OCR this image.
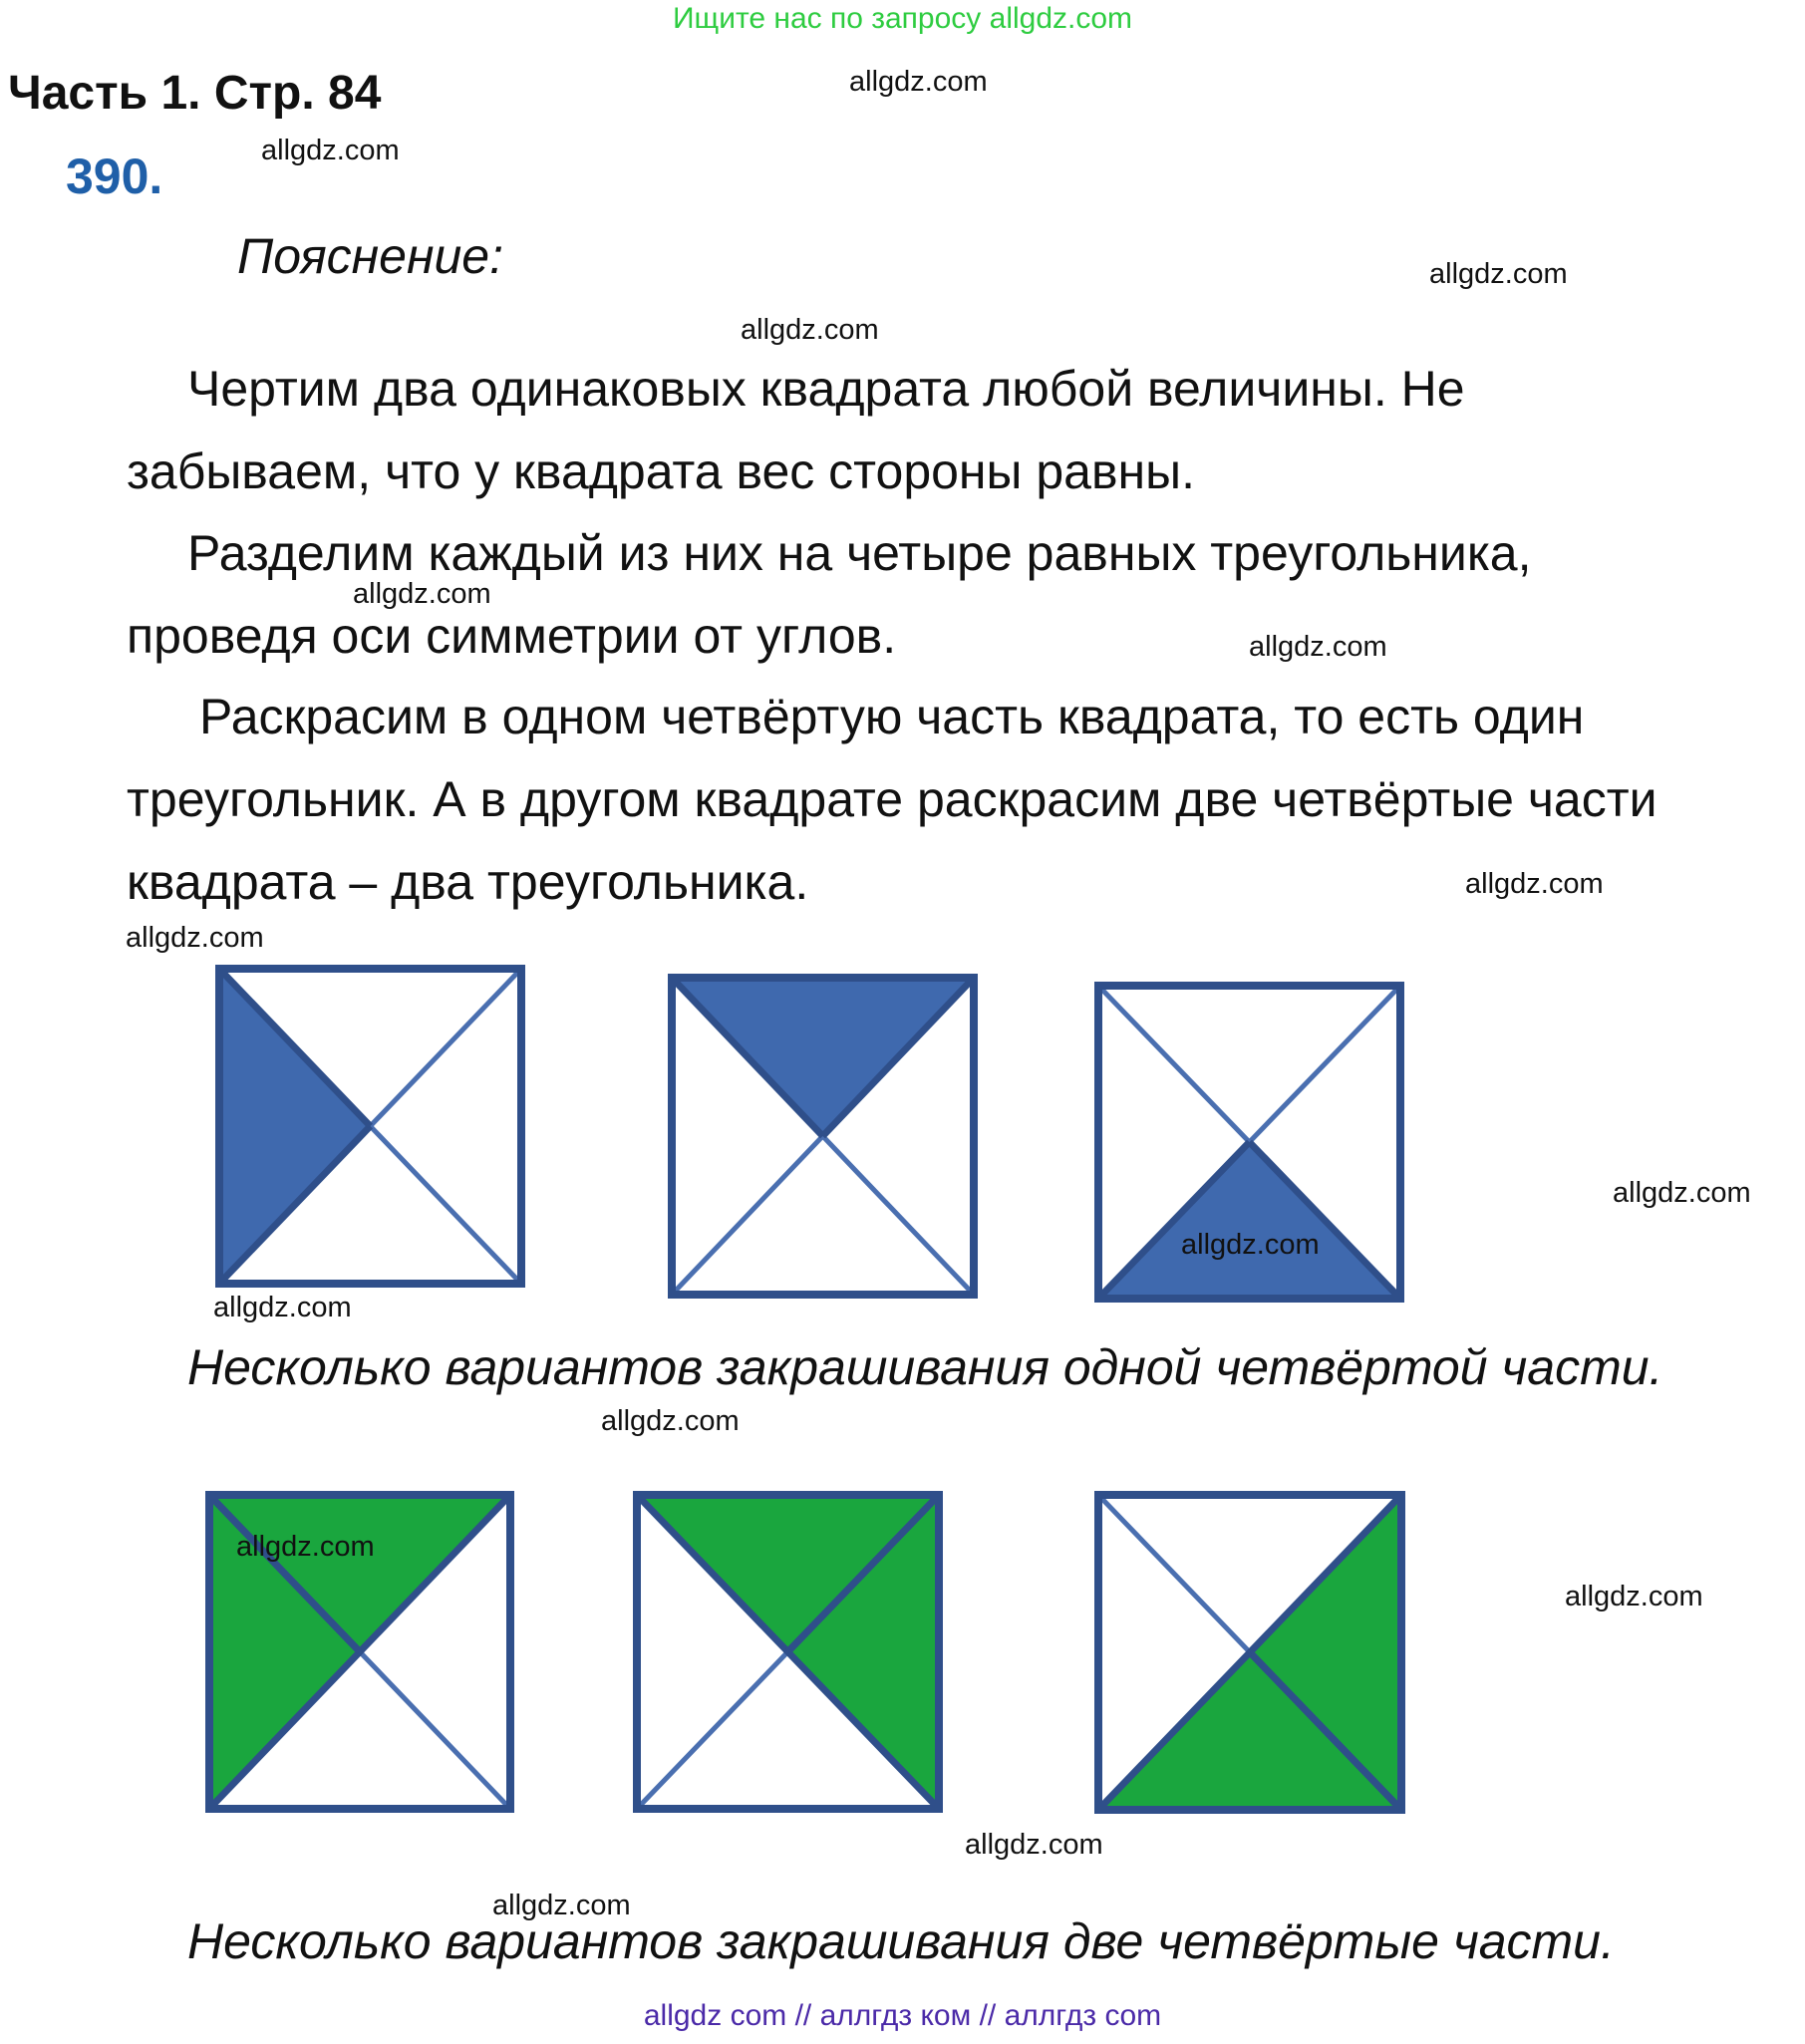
Ищите нас по запросу allgdz.com
Часть 1. Стр. 84
390.
Пояснение:
Чертим два одинаковых квадрата любой величины. Не
забываем, что у квадрата вес стороны равны.
Разделим каждый из них на четыре равных треугольника,
проведя оси симметрии от углов.
Раскрасим в одном четвёртую часть квадрата, то есть один
треугольник. А в другом квадрате раскрасим две четвёртые части
квадрата – два треугольника.
Несколько вариантов закрашивания одной четвёртой части.
Несколько вариантов закрашивания две четвёртые части.
allgdz.com
allgdz.com
allgdz.com
allgdz.com
allgdz.com
allgdz.com
allgdz.com
allgdz.com
allgdz.com
allgdz.com
allgdz.com
allgdz.com
allgdz.com
allgdz.com
allgdz.com
allgdz.com
allgdz com // аллгдз ком // аллгдз com
